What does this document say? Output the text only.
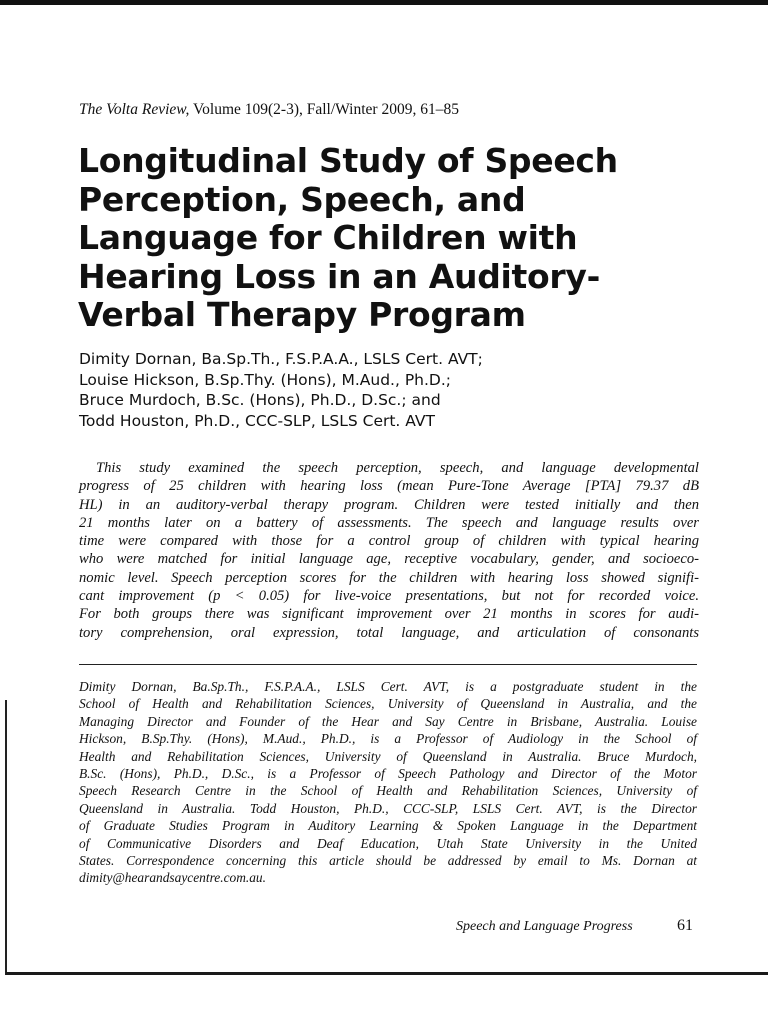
The Volta Review, Volume 109(2-3), Fall/Winter 2009, 61–85
Longitudinal Study of Speech
Perception, Speech, and
Language for Children with
Hearing Loss in an Auditory-
Verbal Therapy Program
Dimity Dornan, Ba.Sp.Th., F.S.P.A.A., LSLS Cert. AVT;
Louise Hickson, B.Sp.Thy. (Hons), M.Aud., Ph.D.;
Bruce Murdoch, B.Sc. (Hons), Ph.D., D.Sc.; and
Todd Houston, Ph.D., CCC-SLP, LSLS Cert. AVT
This study examined the speech perception, speech, and language developmental
progress of 25 children with hearing loss (mean Pure-Tone Average [PTA] 79.37 dB
HL) in an auditory-verbal therapy program. Children were tested initially and then
21 months later on a battery of assessments. The speech and language results over
time were compared with those for a control group of children with typical hearing
who were matched for initial language age, receptive vocabulary, gender, and socioeco-
nomic level. Speech perception scores for the children with hearing loss showed signifi-
cant improvement (p < 0.05) for live-voice presentations, but not for recorded voice.
For both groups there was significant improvement over 21 months in scores for audi-
tory comprehension, oral expression, total language, and articulation of consonants
Dimity Dornan, Ba.Sp.Th., F.S.P.A.A., LSLS Cert. AVT, is a postgraduate student in the
School of Health and Rehabilitation Sciences, University of Queensland in Australia, and the
Managing Director and Founder of the Hear and Say Centre in Brisbane, Australia. Louise
Hickson, B.Sp.Thy. (Hons), M.Aud., Ph.D., is a Professor of Audiology in the School of
Health and Rehabilitation Sciences, University of Queensland in Australia. Bruce Murdoch,
B.Sc. (Hons), Ph.D., D.Sc., is a Professor of Speech Pathology and Director of the Motor
Speech Research Centre in the School of Health and Rehabilitation Sciences, University of
Queensland in Australia. Todd Houston, Ph.D., CCC-SLP, LSLS Cert. AVT, is the Director
of Graduate Studies Program in Auditory Learning & Spoken Language in the Department
of Communicative Disorders and Deaf Education, Utah State University in the United
States. Correspondence concerning this article should be addressed by email to Ms. Dornan at
dimity@hearandsaycentre.com.au.
Speech and Language Progress	61
